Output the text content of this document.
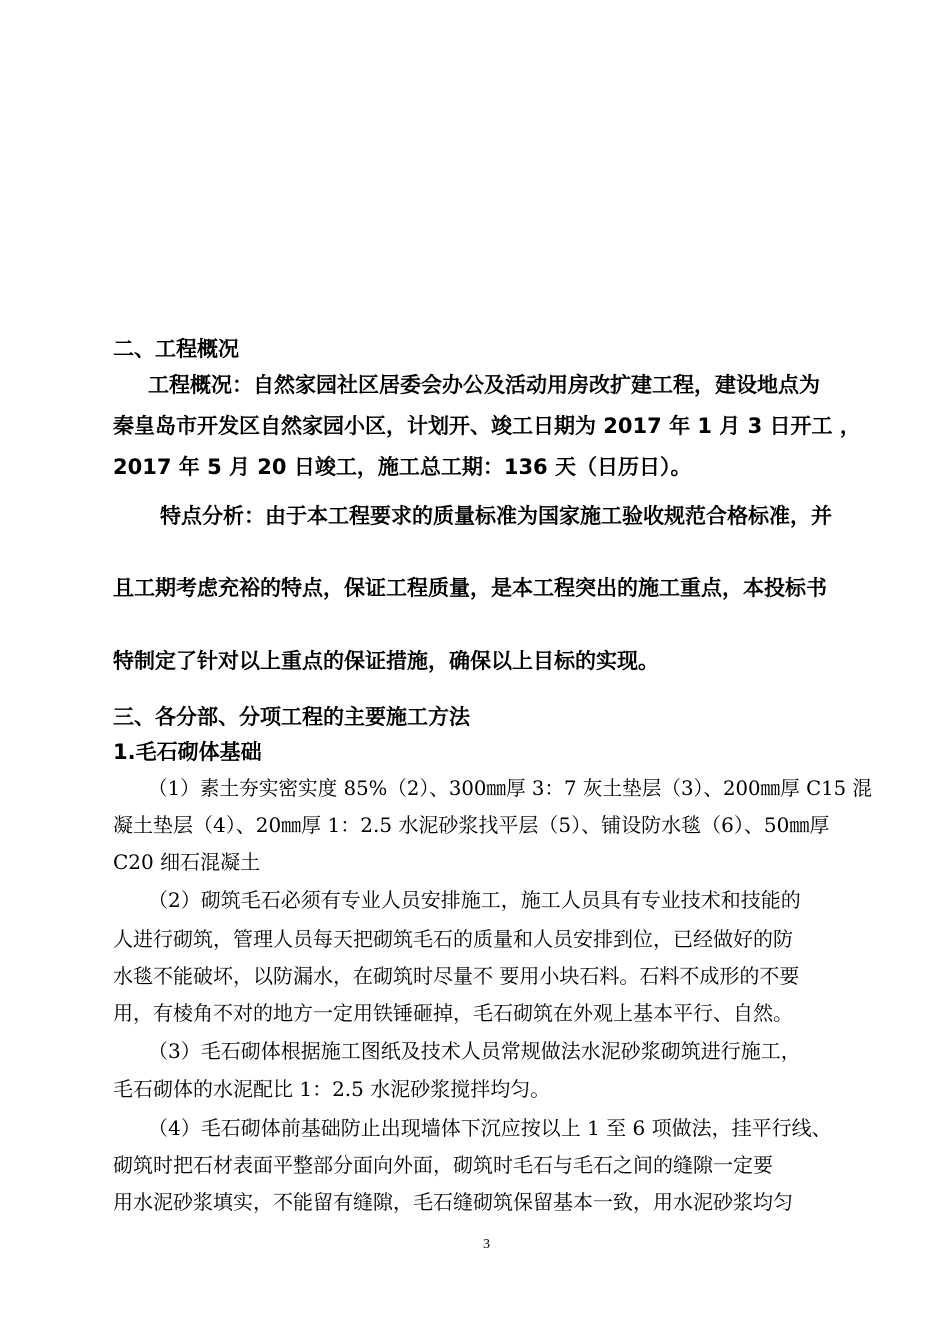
二、工程概况
工程概况：自然家园社区居委会办公及活动用房改扩建工程，建设地点为
秦皇岛市开发区自然家园小区，计划开、竣工日期为 2017 年 1 月 3 日开工 ，
2017 年 5 月 20 日竣工，施工总工期：136 天（日历日）。
特点分析：由于本工程要求的质量标准为国家施工验收规范合格标准，并
且工期考虑充裕的特点，保证工程质量，是本工程突出的施工重点，本投标书
特制定了针对以上重点的保证措施，确保以上目标的实现。
三、各分部、分项工程的主要施工方法
1.毛石砌体基础
（1）素土夯实密实度 85%（2）、300㎜厚 3：7 灰土垫层（3）、200㎜厚 C15 混
凝土垫层（4）、20㎜厚 1：2.5 水泥砂浆找平层（5）、铺设防水毯（6）、50㎜厚
C20 细石混凝土
（2）砌筑毛石必须有专业人员安排施工，施工人员具有专业技术和技能的
人进行砌筑，管理人员每天把砌筑毛石的质量和人员安排到位，已经做好的防
水毯不能破坏，以防漏水，在砌筑时尽量不 要用小块石料。石料不成形的不要
用，有棱角不对的地方一定用铁锤砸掉，毛石砌筑在外观上基本平行、自然。
（3）毛石砌体根据施工图纸及技术人员常规做法水泥砂浆砌筑进行施工，
毛石砌体的水泥配比 1：2.5 水泥砂浆搅拌均匀。
（4）毛石砌体前基础防止出现墙体下沉应按以上 1 至 6 项做法，挂平行线、
砌筑时把石材表面平整部分面向外面，砌筑时毛石与毛石之间的缝隙一定要
用水泥砂浆填实，不能留有缝隙，毛石缝砌筑保留基本一致，用水泥砂浆均匀
3
